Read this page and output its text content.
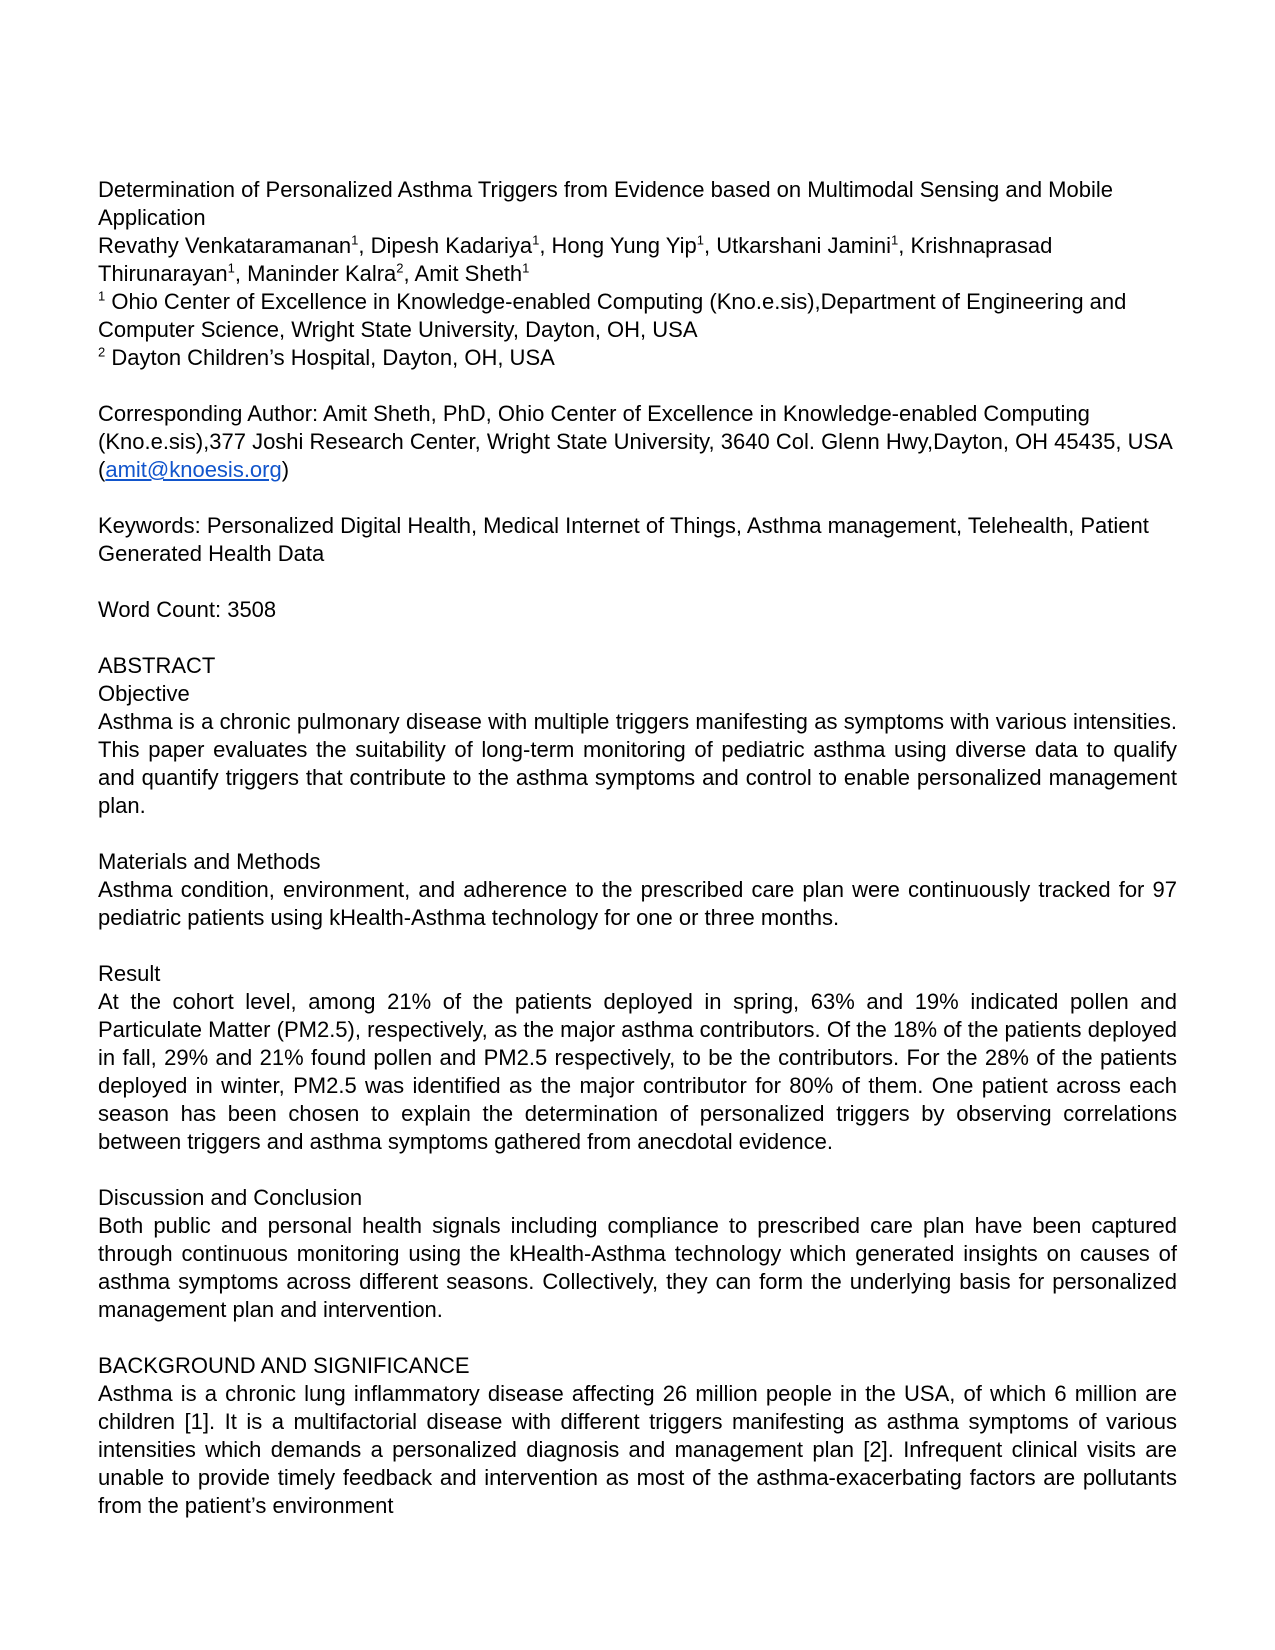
Determination of Personalized Asthma Triggers from Evidence based on Multimodal Sensing and Mobile Application

Revathy Venkataramanan$^1$, Dipesh Kadariya$^1$, Hong Yung Yip$^1$, Utkarshani Jamini$^1$, Krishnaprasad Thirunarayan$^1$, Maninder Kalra$^2$, Amit Sheth$^1$

$^1$ Ohio Center of Excellence in Knowledge-enabled Computing (Kno.e.sis),Department of Engineering and Computer Science, Wright State University, Dayton, OH, USA

$^2$ Dayton Children’s Hospital, Dayton, OH, USA

Corresponding Author: Amit Sheth, PhD, Ohio Center of Excellence in Knowledge-enabled Computing (Kno.e.sis),377 Joshi Research Center, Wright State University, 3640 Col. Glenn Hwy,Dayton, OH 45435, USA (amit@knoesis.org)

Keywords: Personalized Digital Health, Medical Internet of Things, Asthma management, Telehealth, Patient Generated Health Data

Word Count: 3508

ABSTRACT
Objective

Asthma is a chronic pulmonary disease with multiple triggers manifesting as symptoms with various intensities. This paper evaluates the suitability of long-term monitoring of pediatric asthma using diverse data to qualify and quantify triggers that contribute to the asthma symptoms and control to enable personalized management plan.

Materials and Methods

Asthma condition, environment, and adherence to the prescribed care plan were continuously tracked for 97 pediatric patients using kHealth-Asthma technology for one or three months.

Result

At the cohort level, among 21% of the patients deployed in spring, 63% and 19% indicated pollen and Particulate Matter (PM2.5), respectively, as the major asthma contributors. Of the 18% of the patients deployed in fall, 29% and 21% found pollen and PM2.5 respectively, to be the contributors. For the 28% of the patients deployed in winter, PM2.5 was identified as the major contributor for 80% of them. One patient across each season has been chosen to explain the determination of personalized triggers by observing correlations between triggers and asthma symptoms gathered from anecdotal evidence.

Discussion and Conclusion

Both public and personal health signals including compliance to prescribed care plan have been captured through continuous monitoring using the kHealth-Asthma technology which generated insights on causes of asthma symptoms across different seasons. Collectively, they can form the underlying basis for personalized management plan and intervention.

BACKGROUND AND SIGNIFICANCE

Asthma is a chronic lung inflammatory disease affecting 26 million people in the USA, of which 6 million are children [1]. It is a multifactorial disease with different triggers manifesting as asthma symptoms of various intensities which demands a personalized diagnosis and management plan [2]. Infrequent clinical visits are unable to provide timely feedback and intervention as most of the asthma-exacerbating factors are pollutants from the patient’s environment
